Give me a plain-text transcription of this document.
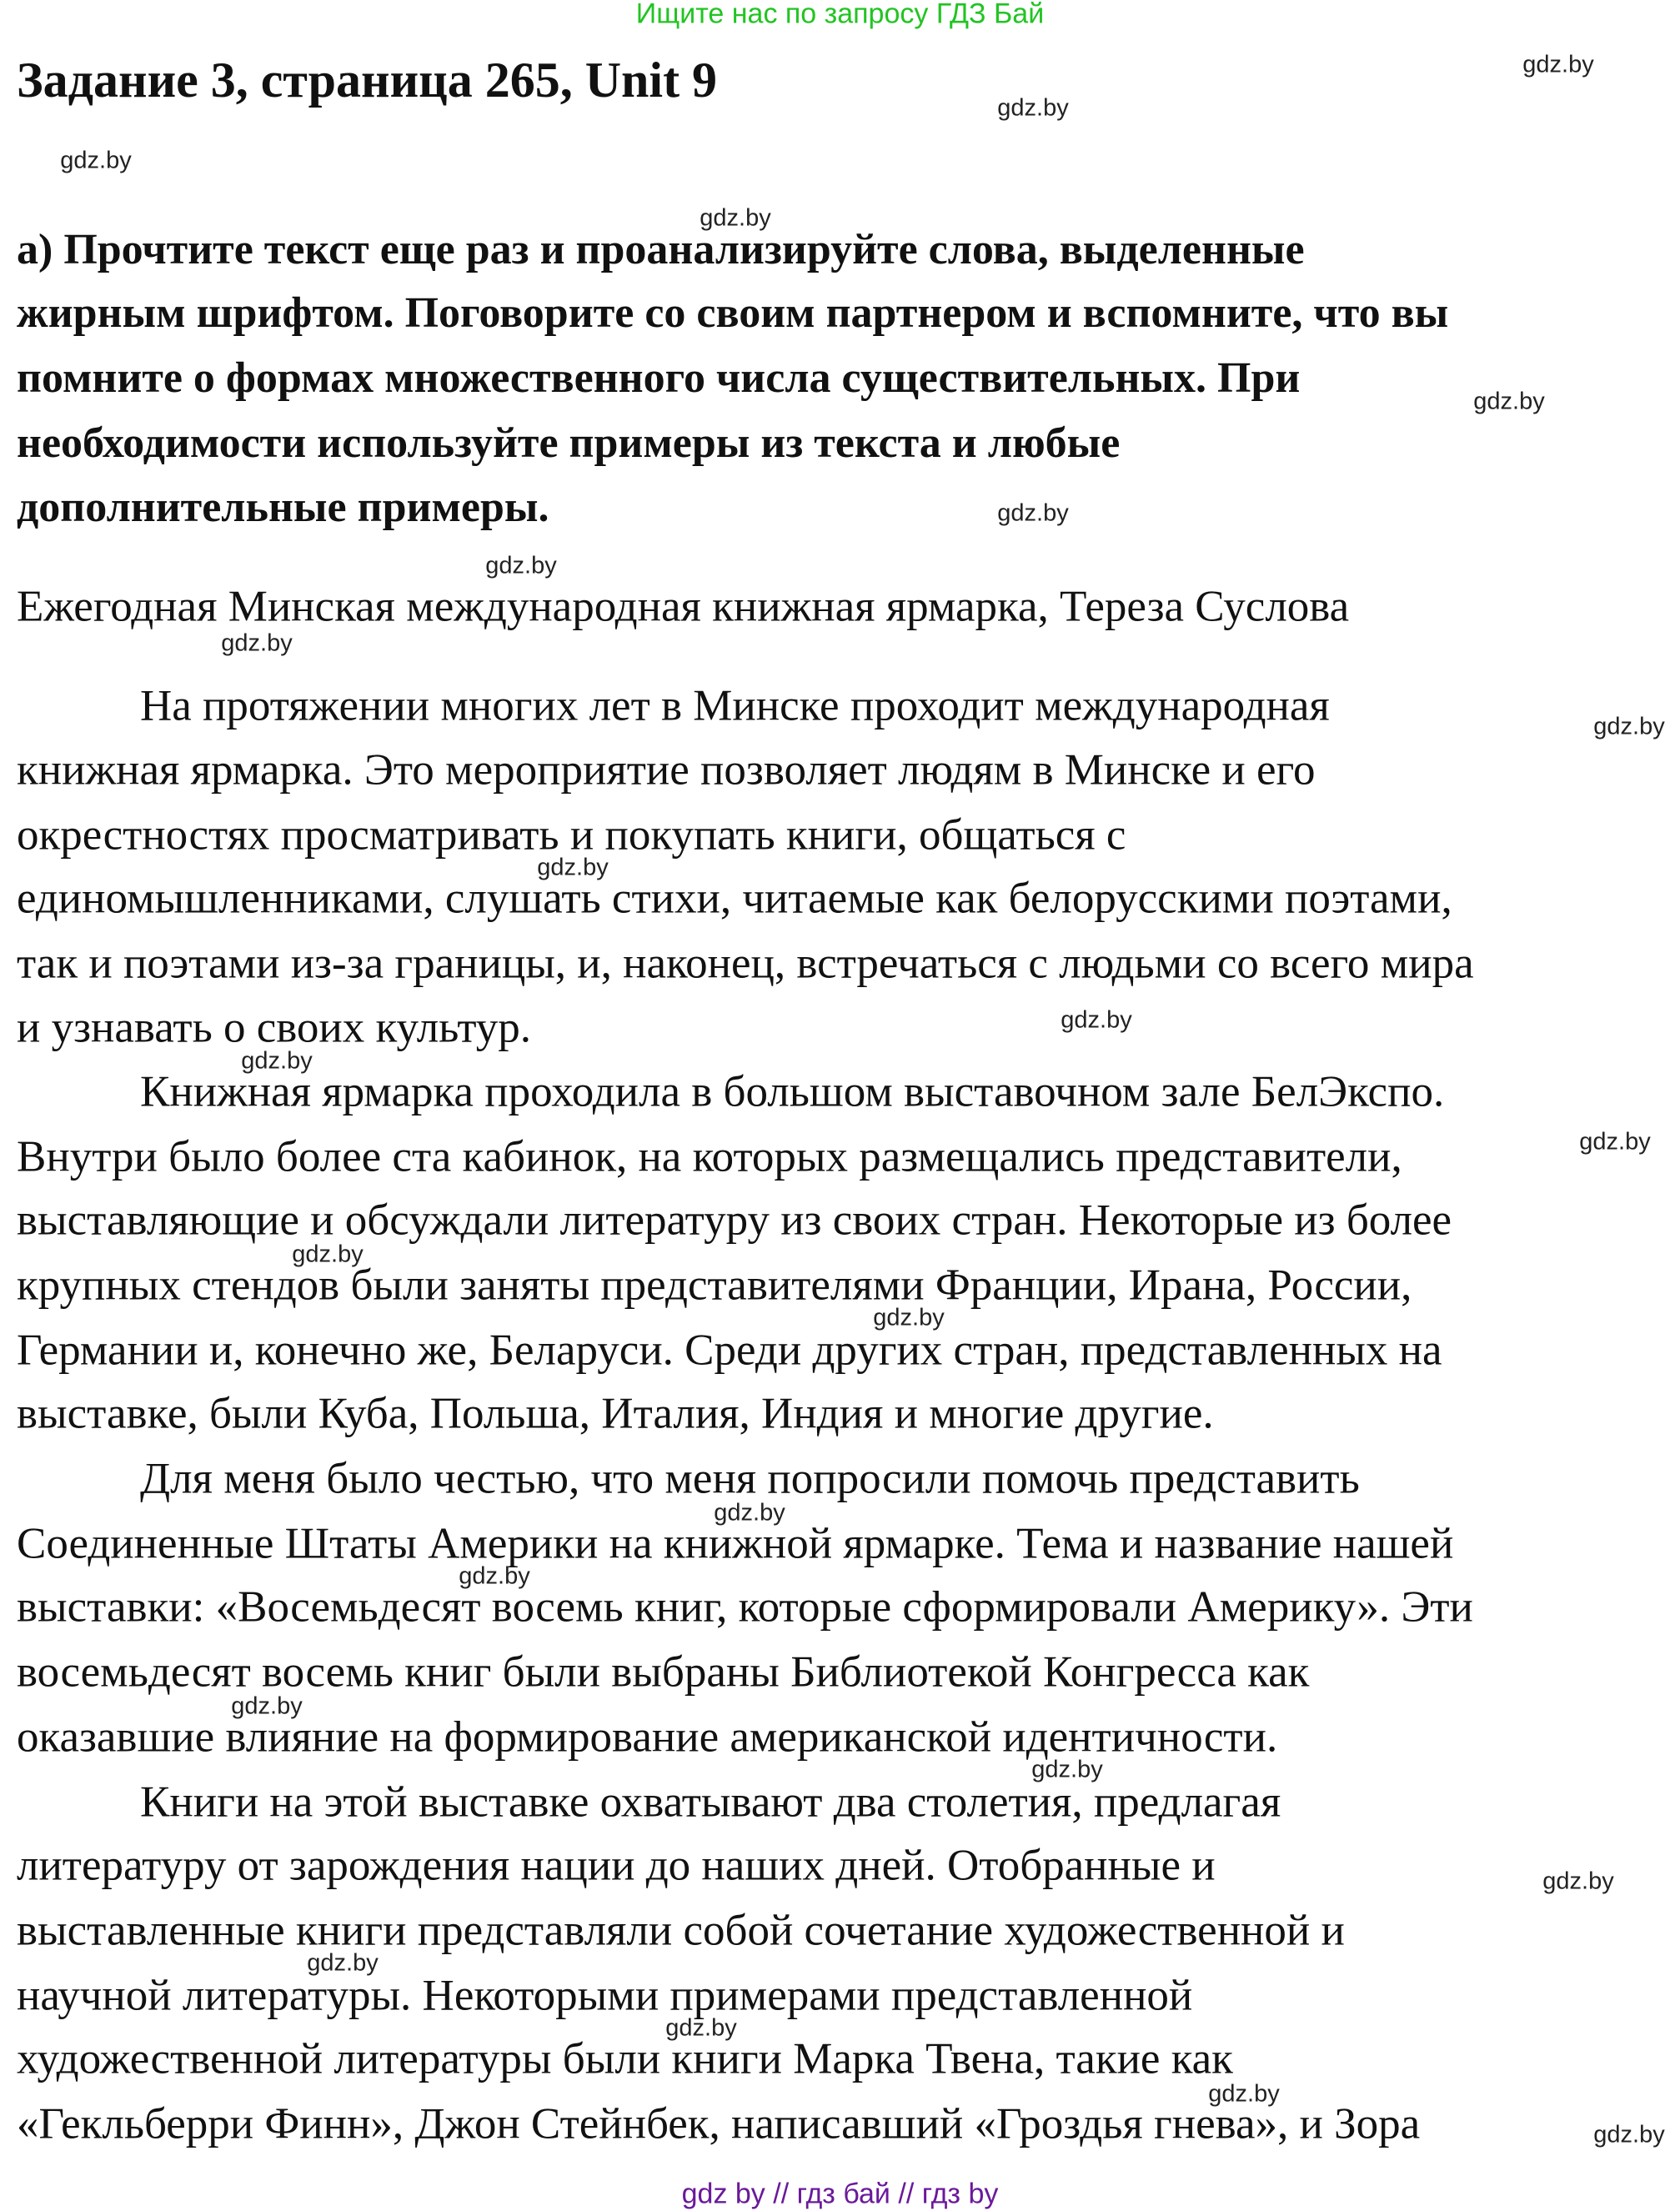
Ищите нас по запросу ГДЗ Бай
Задание 3, страница 265, Unit 9
а) Прочтите текст еще раз и проанализируйте слова, выделенные
жирным шрифтом. Поговорите со своим партнером и вспомните, что вы
помните о формах множественного числа существительных. При
необходимости используйте примеры из текста и любые
дополнительные примеры.
Ежегодная Минская международная книжная ярмарка, Тереза Суслова
На протяжении многих лет в Минске проходит международная
книжная ярмарка. Это мероприятие позволяет людям в Минске и его
окрестностях просматривать и покупать книги, общаться с
единомышленниками, слушать стихи, читаемые как белорусскими поэтами,
так и поэтами из-за границы, и, наконец, встречаться с людьми со всего мира
и узнавать о своих культур.
Книжная ярмарка проходила в большом выставочном зале БелЭкспо.
Внутри было более ста кабинок, на которых размещались представители,
выставляющие и обсуждали литературу из своих стран. Некоторые из более
крупных стендов были заняты представителями Франции, Ирана, России,
Германии и, конечно же, Беларуси. Среди других стран, представленных на
выставке, были Куба, Польша, Италия, Индия и многие другие.
Для меня было честью, что меня попросили помочь представить
Соединенные Штаты Америки на книжной ярмарке. Тема и название нашей
выставки: «Восемьдесят восемь книг, которые сформировали Америку». Эти
восемьдесят восемь книг были выбраны Библиотекой Конгресса как
оказавшие влияние на формирование американской идентичности.
Книги на этой выставке охватывают два столетия, предлагая
литературу от зарождения нации до наших дней. Отобранные и
выставленные книги представляли собой сочетание художественной и
научной литературы. Некоторыми примерами представленной
художественной литературы были книги Марка Твена, такие как
«Гекльберри Финн», Джон Стейнбек, написавший «Гроздья гнева», и Зора
gdz.by
gdz.by
gdz.by
gdz.by
gdz.by
gdz.by
gdz.by
gdz.by
gdz.by
gdz.by
gdz.by
gdz.by
gdz.by
gdz.by
gdz.by
gdz.by
gdz.by
gdz.by
gdz.by
gdz.by
gdz.by
gdz.by
gdz.by
gdz.by
gdz by // гдз бай // гдз by
